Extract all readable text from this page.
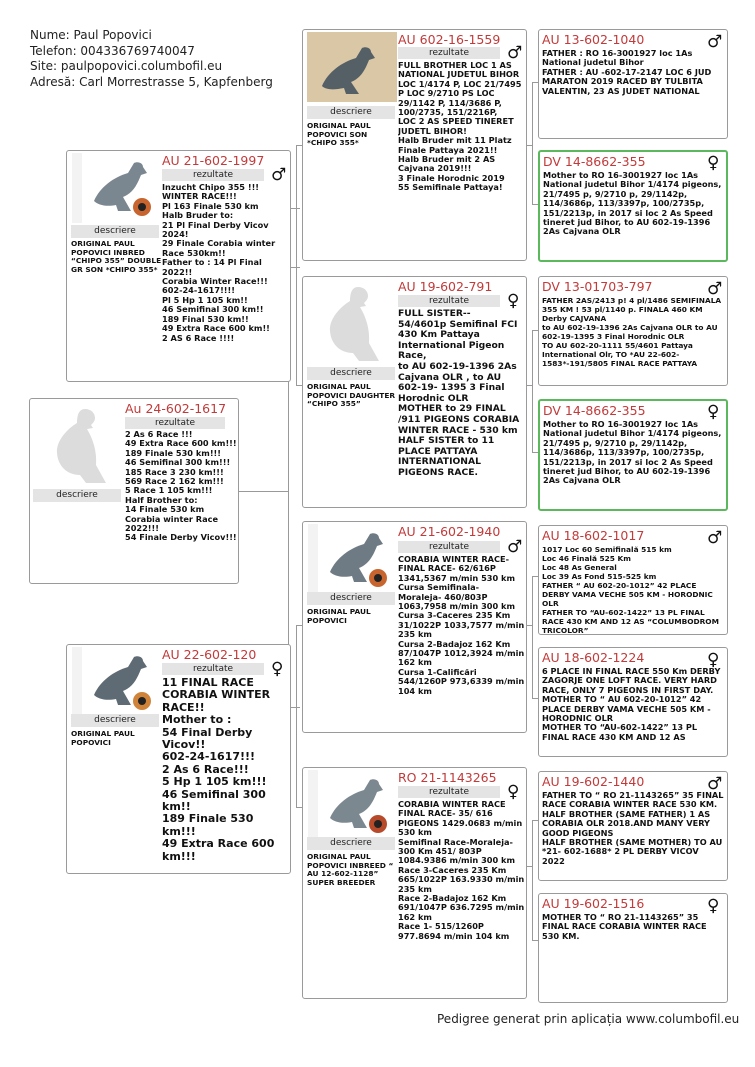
Nume: Paul Popovici
Telefon: 004336769740047
Site: paulpopovici.columbofil.eu
Adresă: Carl Morrestrasse 5, Kapfenberg
descriere
Au 24-602-1617
rezultate
2 As 6 Race !!!
49 Extra Race 600 km!!!
189 Finale 530 km!!!
46 Semifinal 300 km!!!
185 Race 3 230 km!!!
569 Race 2 162 km!!!
5 Race 1 105 km!!!
Half Brother to:
14 Finale 530 km Corabia winter Race 2022!!!
54 Finale Derby Vicov!!!
descriere
ORIGINAL PAUL POPOVICI INBRED “CHIPO 355” DOUBLE GR SON *CHIPO 355*
AU 21-602-1997
rezultate	♂
Inzucht Chipo 355 !!!
WINTER RACE!!!
Pl 163 Finale 530 km
Halb Bruder to:
21 Pl Final Derby Vicov 2024!
29 Finale Corabia winter Race 530km!!
Father to : 14 Pl Final 2022!!
Corabia Winter Race!!!
602-24-1617!!!!
Pl 5 Hp 1 105 km!!
46 Semifinal 300 km!!
189 Final 530 km!!
49 Extra Race 600 km!!
2 AS 6 Race !!!!
descriere
ORIGINAL PAUL POPOVICI
AU 22-602-120
rezultate	♀
11 FINAL RACE CORABIA WINTER RACE!!
Mother to :
54 Final Derby Vicov!!
602-24-1617!!!
2 As 6 Race!!!
5 Hp 1 105 km!!!
46 Semifinal 300 km!!
189 Finale 530 km!!!
49 Extra Race 600 km!!!
descriere
ORIGINAL PAUL POPOVICI SON *CHIPO 355*
AU 602-16-1559
rezultate	♂
FULL BROTHER LOC 1 AS NATIONAL JUDETUL BIHOR LOC 1/4174 P, LOC 21/7495 P LOC 9/2710 PS LOC 29/1142 P, 114/3686 P, 100/2735, 151/2216P,
LOC 2 AS SPEED TINERET JUDETL BIHOR!
Halb Bruder mit 11 Platz Finale Pattaya 2021!!
Halb Bruder mit 2 AS Cajvana 2019!!!
3 Finale Horodnic 2019
55 Semifinale Pattaya!
descriere
ORIGINAL PAUL POPOVICI DAUGHTER “CHIPO 355”
AU 19-602-791
rezultate	♀
FULL SISTER--
54/4601p Semifinal FCI 430 Km Pattaya International Pigeon Race,
to AU 602-19-1396 2As Cajvana OLR , to AU 602-19- 1395 3 Final Horodnic OLR
MOTHER to 29 FINAL /911 PIGEONS CORABIA WINTER RACE - 530 km
HALF SISTER to 11 PLACE PATTAYA INTERNATIONAL PIGEONS RACE.
descriere
ORIGINAL PAUL POPOVICI
AU 21-602-1940
rezultate	♂
CORABIA WINTER RACE- FINAL RACE- 62/616P 1341,5367 m/min 530 km
Cursa Semifinala- Moraleja- 460/803P 1063,7958 m/min 300 km
Cursa 3-Caceres 235 Km 31/1022P 1033,7577 m/min 235 km
Cursa 2-Badajoz 162 Km 87/1047P 1012,3924 m/min 162 km
Cursa 1-Calificări 544/1260P 973,6339 m/min 104 km
descriere
ORIGINAL PAUL POPOVICI INBREED “ AU 12-602-1128” SUPER BREEDER
RO 21-1143265
rezultate	♀
CORABIA WINTER RACE FINAL RACE- 35/ 616 PIGEONS 1429.0683 m/min 530 km
Semifinal Race-Moraleja- 300 Km 451/ 803P 1084.9386 m/min 300 km
Race 3-Caceres 235 Km 665/1022P 163.9330 m/min 235 km
Race 2-Badajoz 162 Km 691/1047P 636.7295 m/min 162 km
Race 1- 515/1260P 977.8694 m/min 104 km
AU 13-602-1040	♂
FATHER : RO 16-3001927 loc 1As National judetul Bihor
FATHER : AU -602-17-2147 LOC 6 JUD MARATON 2019 RACED BY TULBITA VALENTIN, 23 AS JUDET NATIONAL
DV 14-8662-355	♀
Mother to RO 16-3001927 loc 1As National judetul Bihor 1/4174 pigeons, 21/7495 p, 9/2710 p, 29/1142p, 114/3686p, 113/3397p, 100/2735p, 151/2213p, in 2017 si loc 2 As Speed tineret jud Bihor, to AU 602-19-1396 2As Cajvana OLR
DV 13-01703-797	♂
FATHER 2AS/2413 p! 4 pl/1486 SEMIFINALA 355 KM ! 53 pl/1140 p. FINALA 460 KM Derby CAJVANA
to AU 602-19-1396 2As Cajvana OLR to AU 602-19-1395 3 Final Horodnic OLR
TO AU 602-20-1111 55/4601 Pattaya International Olr, TO *AU 22-602-1583*-191/5805 FINAL RACE PATTAYA
DV 14-8662-355	♀
Mother to RO 16-3001927 loc 1As National judetul Bihor 1/4174 pigeons, 21/7495 p, 9/2710 p, 29/1142p, 114/3686p, 113/3397p, 100/2735p, 151/2213p, in 2017 si loc 2 As Speed tineret jud Bihor, to AU 602-19-1396 2As Cajvana OLR
AU 18-602-1017	♂
1017 Loc 60 Semifinală 515 km
Loc 46 Finală 525 Km
Loc 48 As General
Loc 39 As Fond 515-525 km
FATHER “ AU 602-20-1012” 42 PLACE DERBY VAMA VECHE 505 KM - HORODNIC OLR
FATHER TO “AU-602-1422” 13 PL FINAL RACE 430 KM AND 12 AS “COLUMBODROM TRICOLOR”
AU 18-602-1224	♀
6 PLACE IN FINAL RACE 550 Km DERBY ZAGORJE ONE LOFT RACE. VERY HARD RACE, ONLY 7 PIGEONS IN FIRST DAY.
MOTHER TO “ AU 602-20-1012” 42 PLACE DERBY VAMA VECHE 505 KM - HORODNIC OLR
MOTHER TO “AU-602-1422” 13 PL FINAL RACE 430 KM AND 12 AS
AU 19-602-1440	♂
FATHER TO “ RO 21-1143265” 35 FINAL RACE CORABIA WINTER RACE 530 KM.
HALF BROTHER (SAME FATHER) 1 AS CORABIA OLR 2018.AND MANY VERY GOOD PIGEONS
HALF BROTHER (SAME MOTHER) TO AU *21- 602-1688* 2 PL DERBY VICOV 2022
AU 19-602-1516	♀
MOTHER TO “ RO 21-1143265” 35 FINAL RACE CORABIA WINTER RACE 530 KM.
Pedigree generat prin aplicația www.columbofil.eu
